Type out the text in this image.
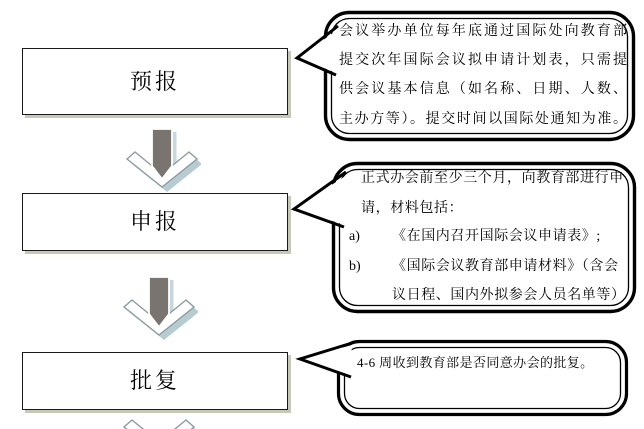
预报
申报
批复
会议举办单位每年底通过国际处向教育部
提交次年国际会议拟申请计划表，只需提
供会议基本信息（如名称、日期、人数、
主办方等）。提交时间以国际处通知为准。
正式办会前至少三个月，向教育部进行申
请，材料包括：
a)	《在国内召开国际会议申请表》;
b)	《国际会议教育部申请材料》（含会
议日程、国内外拟参会人员名单等）
4-6 周收到教育部是否同意办会的批复。
